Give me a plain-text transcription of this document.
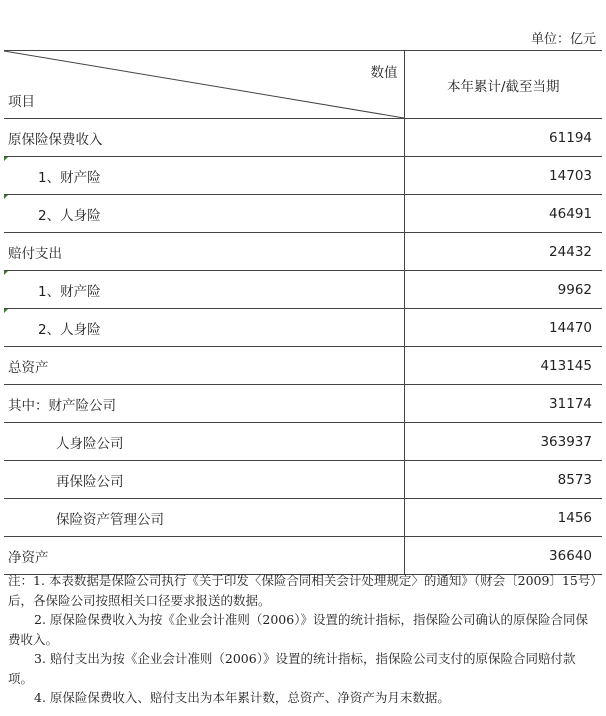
单位：亿元
数值
项目	本年累计/截至当期
原保险保费收入	61194

1、财产险	14703

2、人身险	46491
赔付支出	24432

1、财产险	9962

2、人身险	14470
总资产	413145
其中：财产险公司	31174
人身险公司	363937
再保险公司	8573
保险资产管理公司	1456
净资产	36640

注：1. 本表数据是保险公司执行《关于印发〈保险合同相关会计处理规定〉的通知》（财会〔2009〕15号）后，各保险公司按照相关口径要求报送的数据。

2. 原保险保费收入为按《企业会计准则（2006）》设置的统计指标，指保险公司确认的原保险合同保费收入。

3. 赔付支出为按《企业会计准则（2006）》设置的统计指标，指保险公司支付的原保险合同赔付款项。

4. 原保险保费收入、赔付支出为本年累计数，总资产、净资产为月末数据。
